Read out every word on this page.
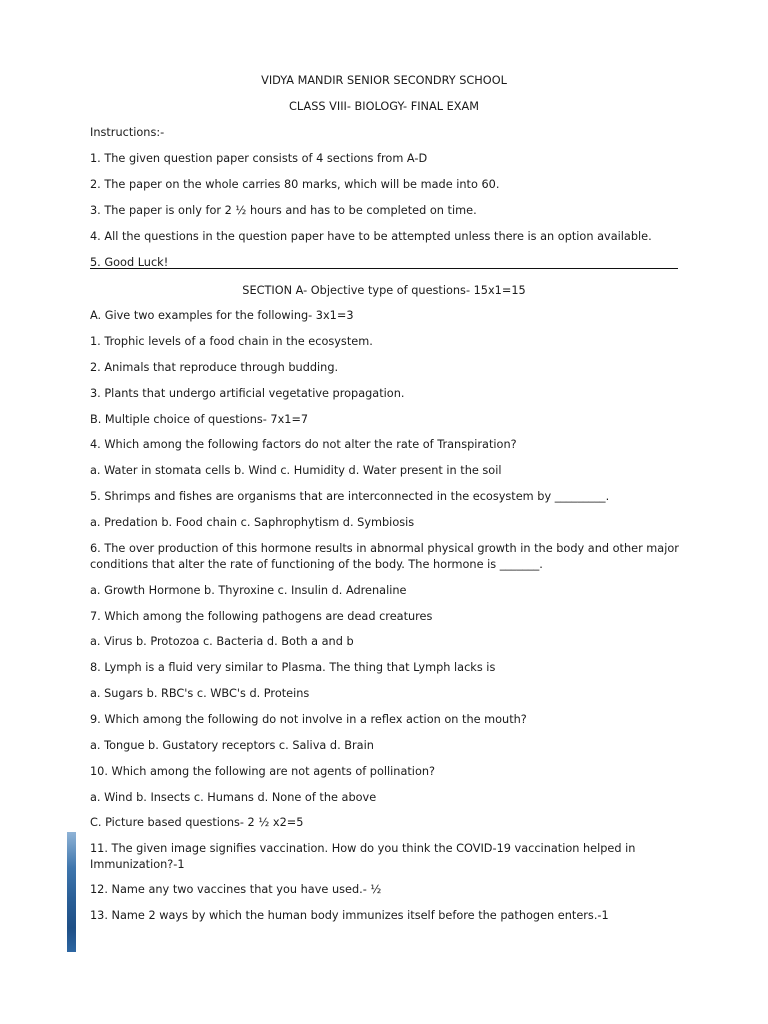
VIDYA MANDIR SENIOR SECONDRY SCHOOL
CLASS VIII- BIOLOGY- FINAL EXAM
Instructions:-
1. The given question paper consists of 4 sections from A-D
2. The paper on the whole carries 80 marks, which will be made into 60.
3. The paper is only for 2 ½ hours and has to be completed on time.
4. All the questions in the question paper have to be attempted unless there is an option available.
5. Good Luck!
SECTION A- Objective type of questions- 15x1=15
A. Give two examples for the following- 3x1=3
1. Trophic levels of a food chain in the ecosystem.
2. Animals that reproduce through budding.
3. Plants that undergo artificial vegetative propagation.
B. Multiple choice of questions- 7x1=7
4. Which among the following factors do not alter the rate of Transpiration?
a. Water in stomata cells b. Wind c. Humidity d. Water present in the soil
5. Shrimps and fishes are organisms that are interconnected in the ecosystem by _________.
a. Predation b. Food chain c. Saphrophytism d. Symbiosis
6. The over production of this hormone results in abnormal physical growth in the body and other major conditions that alter the rate of functioning of the body. The hormone is _______.
a. Growth Hormone b. Thyroxine c. Insulin d. Adrenaline
7. Which among the following pathogens are dead creatures
a. Virus b. Protozoa c. Bacteria d. Both a and b
8. Lymph is a fluid very similar to Plasma. The thing that Lymph lacks is
a. Sugars b. RBC's c. WBC's d. Proteins
9. Which among the following do not involve in a reflex action on the mouth?
a. Tongue b. Gustatory receptors c. Saliva d. Brain
10. Which among the following are not agents of pollination?
a. Wind b. Insects c. Humans d. None of the above
C. Picture based questions- 2 ½ x2=5
11. The given image signifies vaccination. How do you think the COVID-19 vaccination helped in Immunization?-1
12. Name any two vaccines that you have used.- ½
13. Name 2 ways by which the human body immunizes itself before the pathogen enters.-1
